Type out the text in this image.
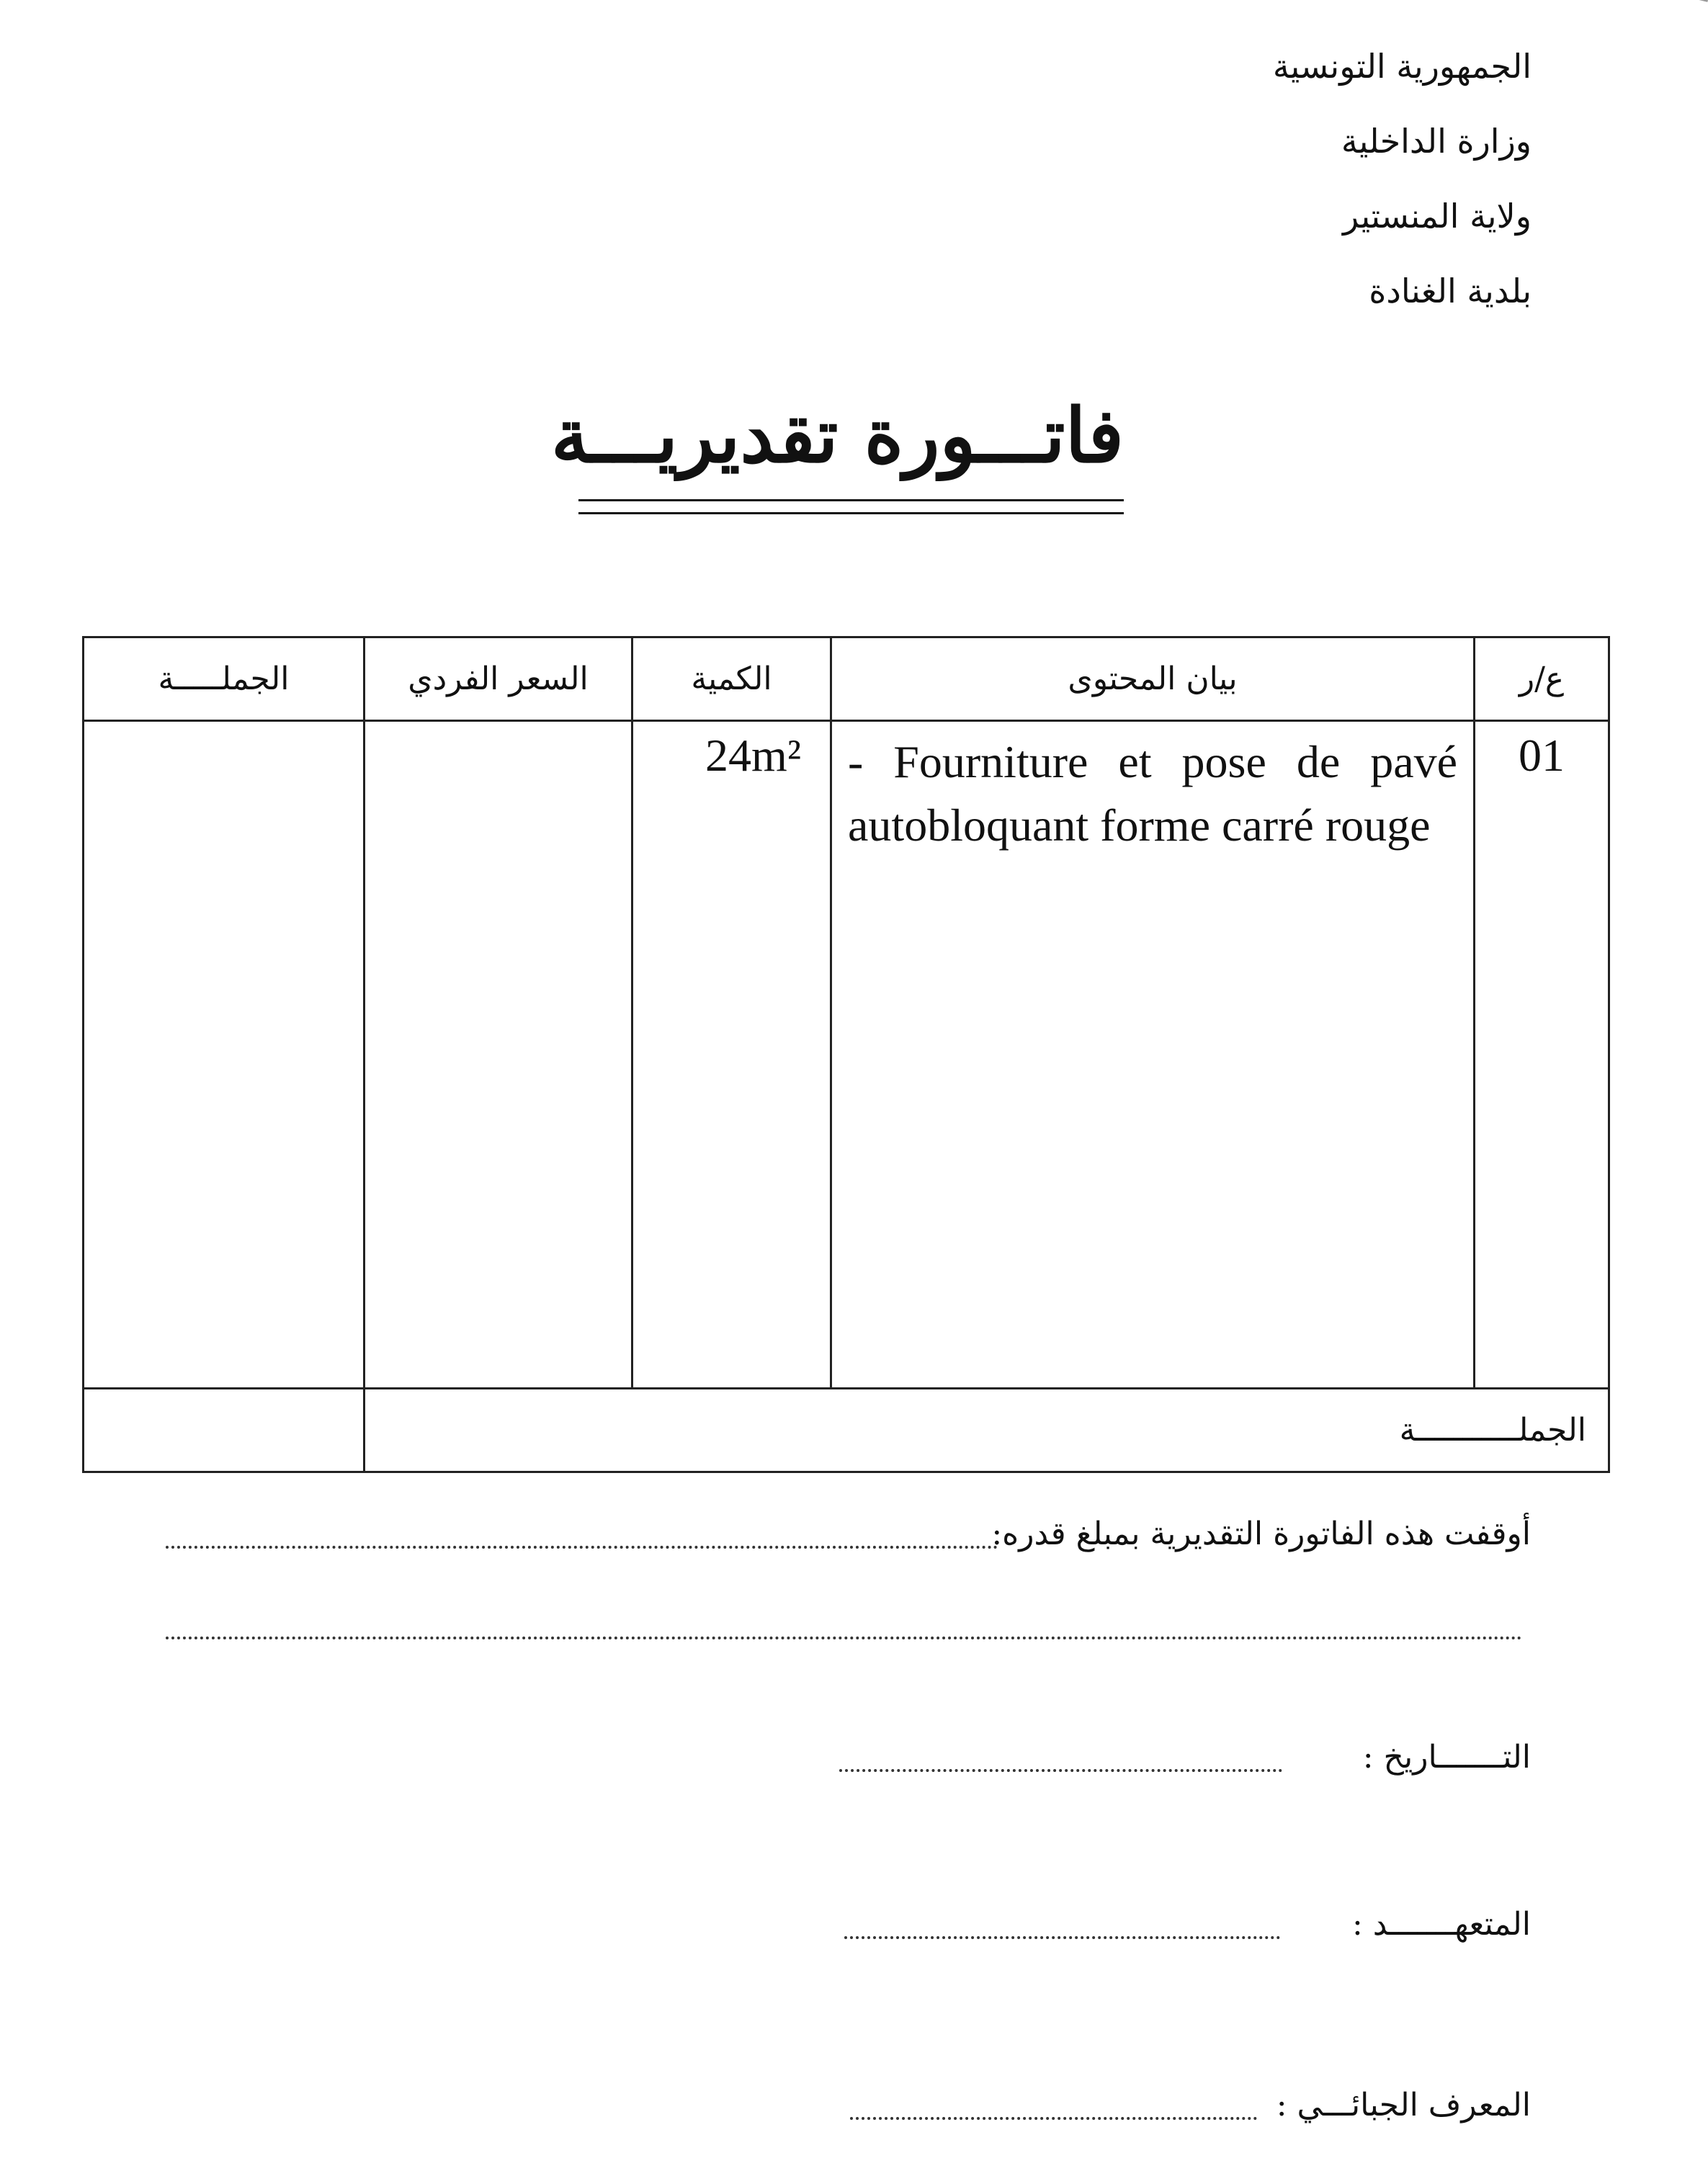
الجمهورية التونسية
وزارة الداخلية
ولاية المنستير
بلدية الغنادة
فاتـــورة تقديريـــة
ع/ر	بيان المحتوى	الكمية	السعر الفردي	الجملـــــة
01	- Fourniture et pose de pavé autobloquant forme carré rouge	24m²		
الجملـــــــــــة				
أوقفت هذه الفاتورة التقديرية بمبلغ قدره:
التـــــــاريخ :
المتعهـــــــد :
المعرف الجبائـــي :
